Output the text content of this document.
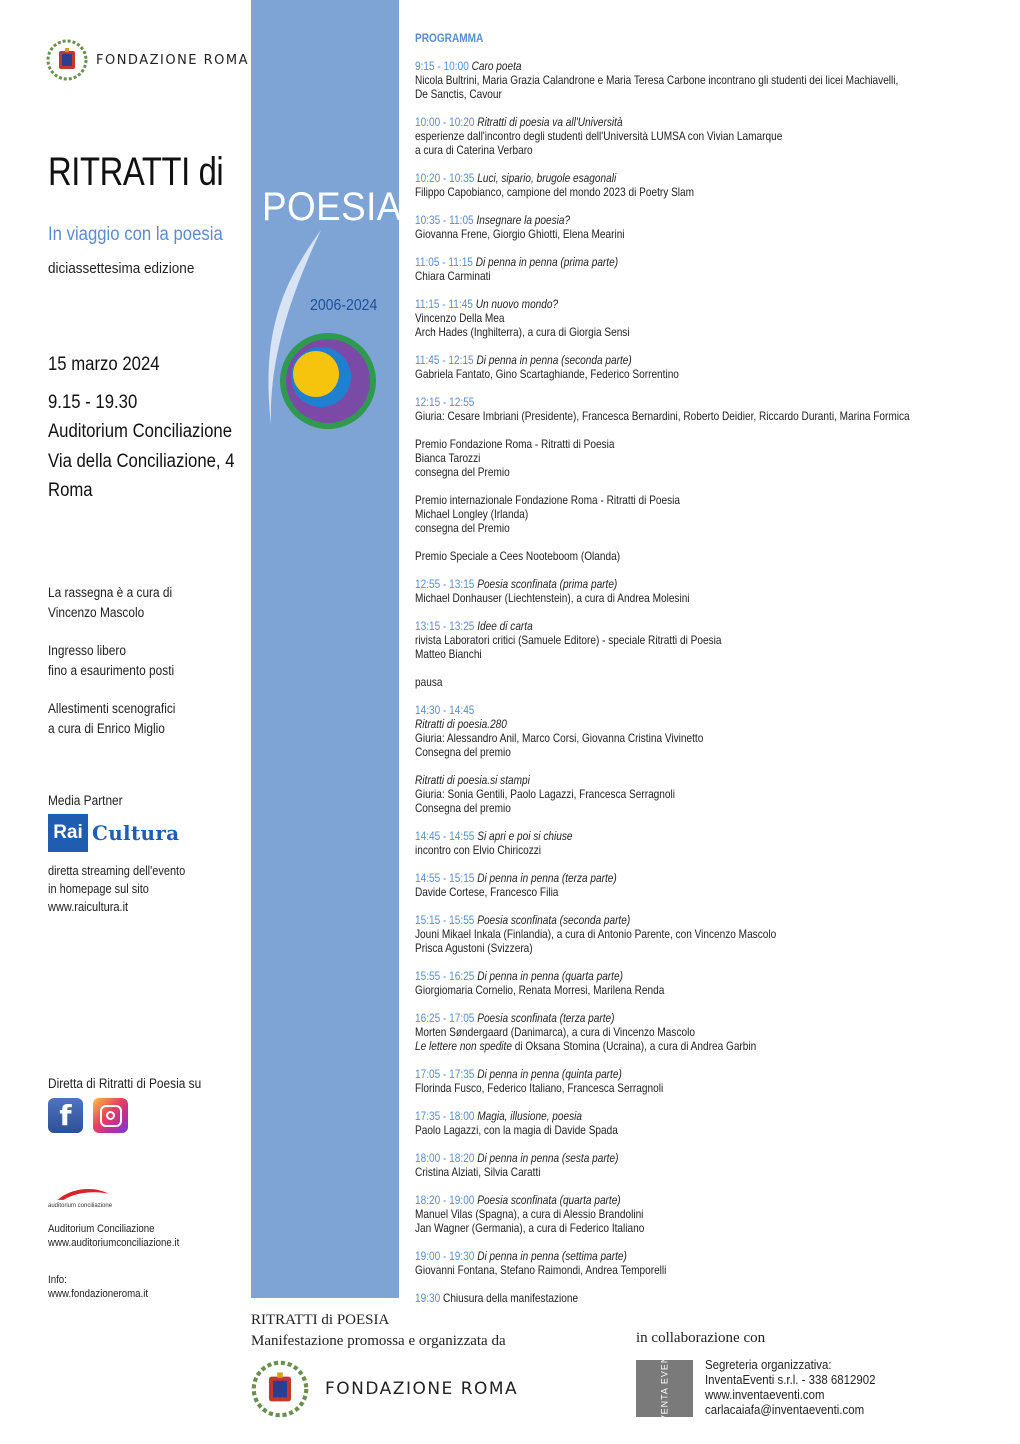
FONDAZIONE ROMA
RITRATTI di
POESIA
In viaggio con la poesia
diciassettesima edizione
2006-2024
15 marzo 2024
9.15 - 19.30
Auditorium Conciliazione
Via della Conciliazione, 4
Roma
La rassegna è a cura di
Vincenzo Mascolo
Ingresso libero
fino a esaurimento posti
Allestimenti scenografici
a cura di Enrico Miglio
Media Partner
Rai Cultura
diretta streaming dell'evento
in homepage sul sito
www.raicultura.it
Diretta di Ritratti di Poesia su
f
auditorium conciliazione
Auditorium Conciliazione
www.auditoriumconciliazione.it
Info:
www.fondazioneroma.it
PROGRAMMA
9:15 - 10:00 Caro poeta
Nicola Bultrini, Maria Grazia Calandrone e Maria Teresa Carbone incontrano gli studenti dei licei Machiavelli,
De Sanctis, Cavour
10:00 - 10:20 Ritratti di poesia va all'Università
esperienze dall'incontro degli studenti dell'Università LUMSA con Vivian Lamarque
a cura di Caterina Verbaro
10:20 - 10:35 Luci, sipario, brugole esagonali
Filippo Capobianco, campione del mondo 2023 di Poetry Slam
10:35 - 11:05 Insegnare la poesia?
Giovanna Frene, Giorgio Ghiotti, Elena Mearini
11:05 - 11:15 Di penna in penna (prima parte)
Chiara Carminati
11:15 - 11:45 Un nuovo mondo?
Vincenzo Della Mea
Arch Hades (Inghilterra), a cura di Giorgia Sensi
11:45 - 12:15 Di penna in penna (seconda parte)
Gabriela Fantato, Gino Scartaghiande, Federico Sorrentino
12:15 - 12:55
Giuria: Cesare Imbriani (Presidente), Francesca Bernardini, Roberto Deidier, Riccardo Duranti, Marina Formica
Premio Fondazione Roma - Ritratti di Poesia
Bianca Tarozzi
consegna del Premio
Premio internazionale Fondazione Roma - Ritratti di Poesia
Michael Longley (Irlanda)
consegna del Premio
Premio Speciale a Cees Nooteboom (Olanda)
12:55 - 13:15 Poesia sconfinata (prima parte)
Michael Donhauser (Liechtenstein), a cura di Andrea Molesini
13:15 - 13:25 Idee di carta
rivista Laboratori critici (Samuele Editore) - speciale Ritratti di Poesia
Matteo Bianchi
pausa
14:30 - 14:45
Ritratti di poesia.280
Giuria: Alessandro Anil, Marco Corsi, Giovanna Cristina Vivinetto
Consegna del premio
Ritratti di poesia.si stampi
Giuria: Sonia Gentili, Paolo Lagazzi, Francesca Serragnoli
Consegna del premio
14:45 - 14:55 Si apri e poi si chiuse
incontro con Elvio Chiricozzi
14:55 - 15:15 Di penna in penna (terza parte)
Davide Cortese, Francesco Filia
15:15 - 15:55 Poesia sconfinata (seconda parte)
Jouni Mikael Inkala (Finlandia), a cura di Antonio Parente, con Vincenzo Mascolo
Prisca Agustoni (Svizzera)
15:55 - 16:25 Di penna in penna (quarta parte)
Giorgiomaria Cornelio, Renata Morresi, Marilena Renda
16:25 - 17:05 Poesia sconfinata (terza parte)
Morten Søndergaard (Danimarca), a cura di Vincenzo Mascolo
Le lettere non spedite di Oksana Stomina (Ucraina), a cura di Andrea Garbin
17:05 - 17:35 Di penna in penna (quinta parte)
Florinda Fusco, Federico Italiano, Francesca Serragnoli
17:35 - 18:00 Magia, illusione, poesia
Paolo Lagazzi, con la magia di Davide Spada
18:00 - 18:20 Di penna in penna (sesta parte)
Cristina Alziati, Silvia Caratti
18:20 - 19:00 Poesia sconfinata (quarta parte)
Manuel Vilas (Spagna), a cura di Alessio Brandolini
Jan Wagner (Germania), a cura di Federico Italiano
19:00 - 19:30 Di penna in penna (settima parte)
Giovanni Fontana, Stefano Raimondi, Andrea Temporelli
19:30 Chiusura della manifestazione
RITRATTI di POESIA
Manifestazione promossa e organizzata da
FONDAZIONE ROMA
in collaborazione con
INVENTA EVENTI	Segreteria organizzativa:
InventaEventi s.r.l. - 338 6812902
www.inventaeventi.com
carlacaiafa@inventaeventi.com
